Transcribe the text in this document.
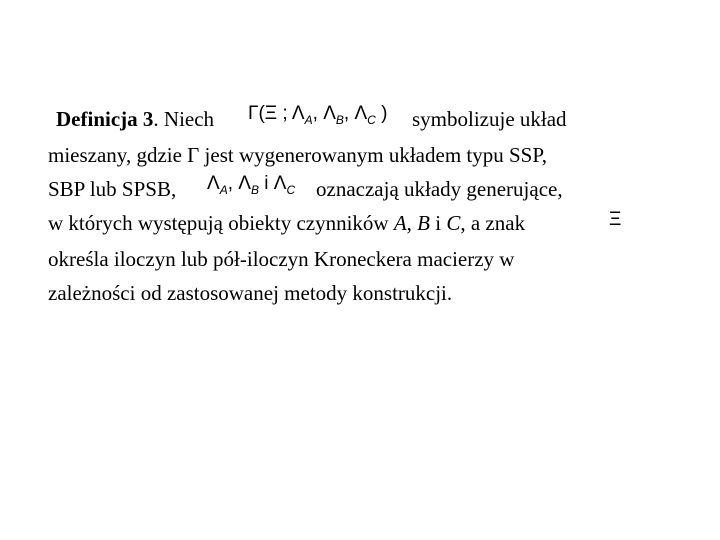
Definicja 3. Niech Γ(Ξ ; $\Lambda_A$, $\Lambda_B$, $\Lambda_C$ ) symbolizuje układ
mieszany, gdzie Γ jest wygenerowanym układem typu SSP,
SBP lub SPSB, $\Lambda_A$, $\Lambda_B$ i $\Lambda_C$ oznaczają układy generujące,
w których występują obiekty czynników A, B i C, a znak	Ξ
określa iloczyn lub pół-iloczyn Kroneckera macierzy w
zależności od zastosowanej metody konstrukcji.
